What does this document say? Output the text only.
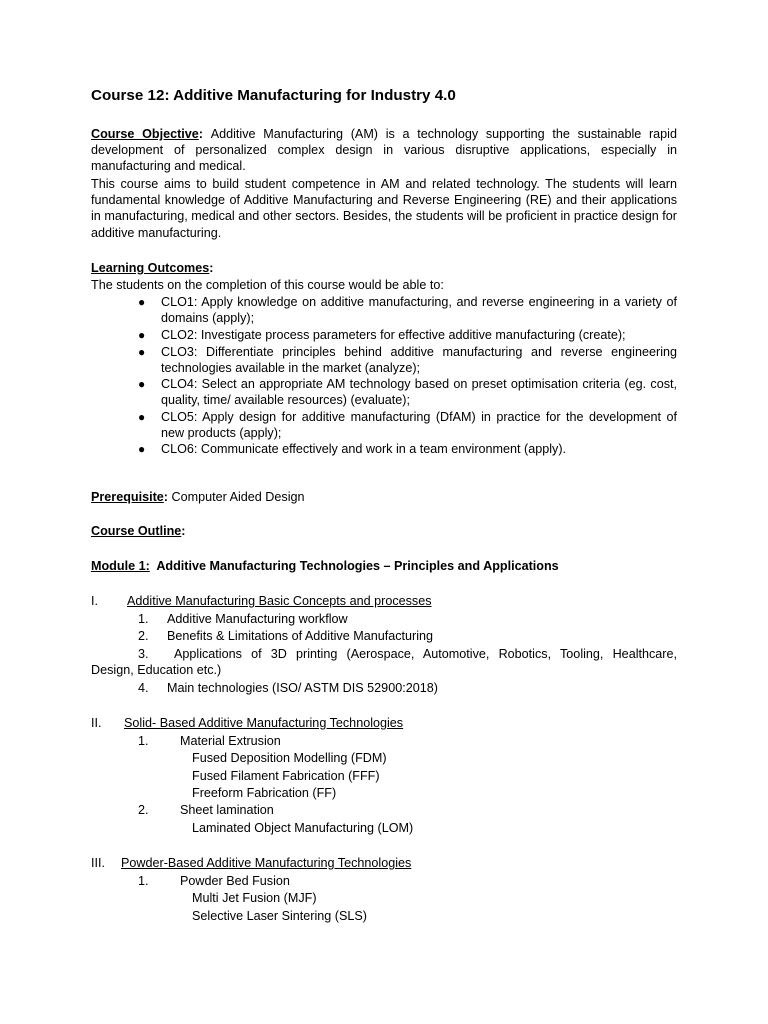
Course 12: Additive Manufacturing for Industry 4.0
Course Objective: Additive Manufacturing (AM) is a technology supporting the sustainable rapid development of personalized complex design in various disruptive applications, especially in manufacturing and medical.
This course aims to build student competence in AM and related technology. The students will learn fundamental knowledge of Additive Manufacturing and Reverse Engineering (RE) and their applications in manufacturing, medical and other sectors. Besides, the students will be proficient in practice design for additive manufacturing.
Learning Outcomes:
The students on the completion of this course would be able to:
● CLO1: Apply knowledge on additive manufacturing, and reverse engineering in a variety of domains (apply);
● CLO2: Investigate process parameters for effective additive manufacturing (create);
● CLO3: Differentiate principles behind additive manufacturing and reverse engineering technologies available in the market (analyze);
● CLO4: Select an appropriate AM technology based on preset optimisation criteria (eg. cost, quality, time/ available resources) (evaluate);
● CLO5: Apply design for additive manufacturing (DfAM) in practice for the development of new products (apply);
● CLO6: Communicate effectively and work in a team environment (apply).
Prerequisite: Computer Aided Design
Course Outline:
Module 1: Additive Manufacturing Technologies – Principles and Applications
I. Additive Manufacturing Basic Concepts and processes
1. Additive Manufacturing workflow
2. Benefits & Limitations of Additive Manufacturing
3.	Applications of 3D printing (Aerospace, Automotive, Robotics, Tooling, Healthcare, Design, Education etc.)
4. Main technologies (ISO/ ASTM DIS 52900:2018)
II. Solid- Based Additive Manufacturing Technologies
1. Material Extrusion
Fused Deposition Modelling (FDM)
Fused Filament Fabrication (FFF)
Freeform Fabrication (FF)
2. Sheet lamination
Laminated Object Manufacturing (LOM)
III. Powder-Based Additive Manufacturing Technologies
1. Powder Bed Fusion
Multi Jet Fusion (MJF)
Selective Laser Sintering (SLS)
